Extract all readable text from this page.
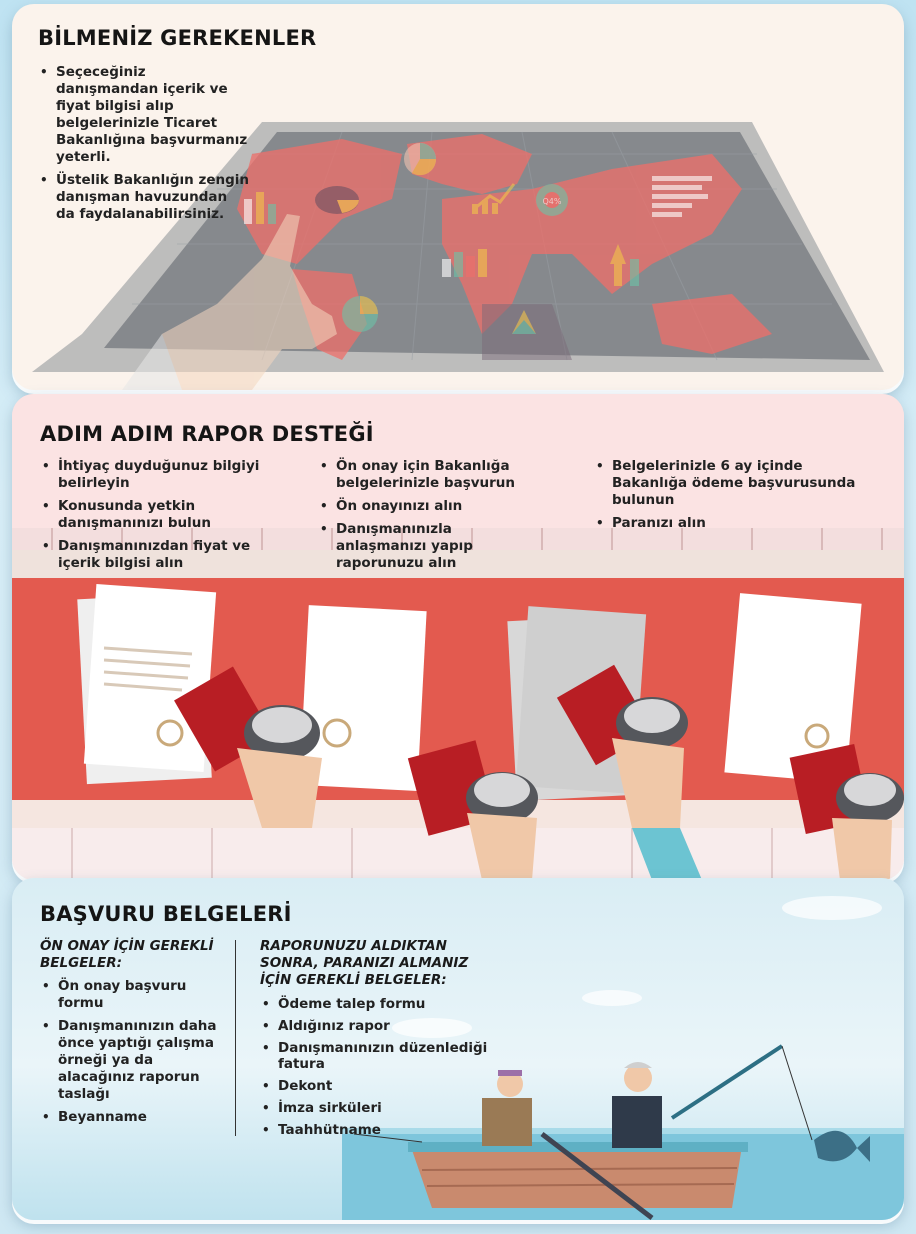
Q4%
BİLMENİZ GEREKENLER
• Seçeceğiniz danışmandan içerik ve fiyat bilgisi alıp belgelerinizle Ticaret Bakanlığına başvurmanız yeterli.
• Üstelik Bakanlığın zengin danışman havuzundan da faydalanabilirsiniz.
ADIM ADIM RAPOR DESTEĞİ
• İhtiyaç duyduğunuz bilgiyi belirleyin
• Konusunda yetkin danışmanınızı bulun
• Danışmanınızdan fiyat ve içerik bilgisi alın
• Ön onay için Bakanlığa belgelerinizle başvurun
• Ön onayınızı alın
• Danışmanınızla anlaşmanızı yapıp raporunuzu alın
• Belgelerinizle 6 ay içinde Bakanlığa ödeme başvurusunda bulunun
• Paranızı alın
BAŞVURU BELGELERİ
ÖN ONAY İÇİN GEREKLİ BELGELER:
• Ön onay başvuru formu
• Danışmanınızın daha önce yaptığı çalışma örneği ya da alacağınız raporun taslağı
• Beyanname
RAPORUNUZU ALDIKTAN SONRA, PARANIZI ALMANIZ İÇİN GEREKLİ BELGELER:
• Ödeme talep formu
• Aldığınız rapor
• Danışmanınızın düzenlediği fatura
• Dekont
• İmza sirküleri
• Taahhütname
